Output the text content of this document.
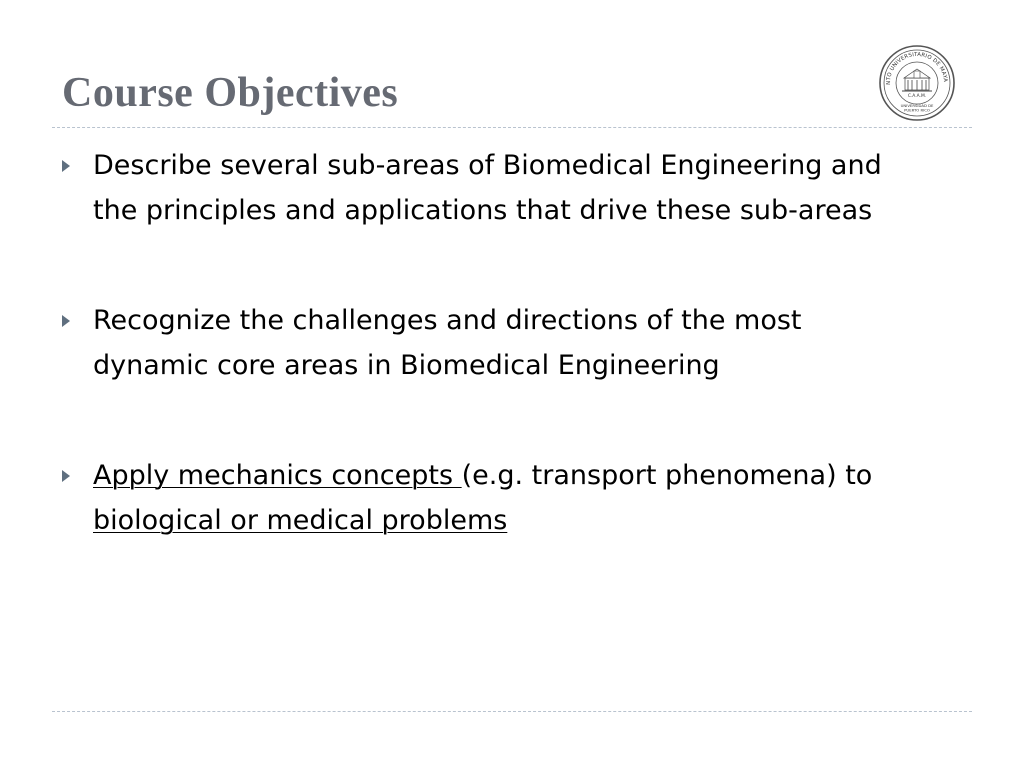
Course Objectives	NTO UNIVERSITARIO DE MAYA
C.A.A.M.
UNIVERSIDAD DE
PUERTO RICO
Describe several sub-areas of Biomedical Engineering and
the principles and applications that drive these sub-areas
Recognize the challenges and directions of the most
dynamic core areas in Biomedical Engineering
Apply mechanics concepts (e.g. transport phenomena) to
biological or medical problems
